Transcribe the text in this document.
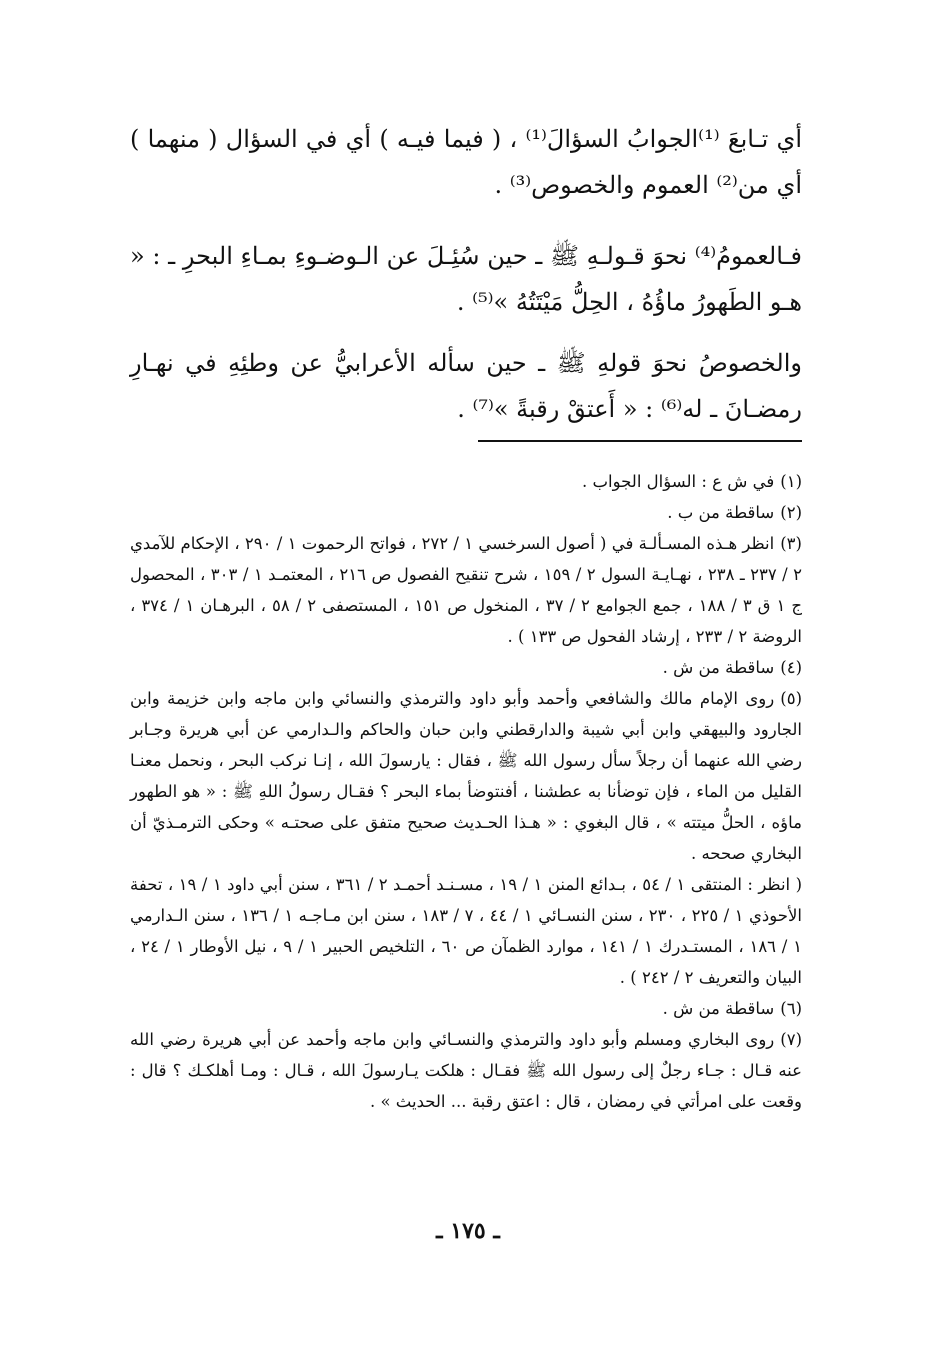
أي تـابعَ ⁽¹⁾الجوابُ السؤالَ⁽¹⁾ ، ( فيما فيـه ) أي في السؤال ( منهما ) أي من⁽²⁾ العموم والخصوص⁽³⁾ .

فـالعمومُ⁽⁴⁾ نحوَ قـولـهِ ﷺ ـ حين سُئِـلَ عن الـوضـوءِ بمـاءِ البحرِ ـ : « هـو الطَهورُ ماؤُهُ ، الحِلُّ مَيْتَتُهُ »⁽⁵⁾ .

والخصوصُ نحوَ قولهِ ﷺ ـ حين سأله الأعرابيُّ عن وطئِهِ في نهـارِ رمضـانَ ـ له⁽⁶⁾ : « أَعتقْ رقبةً »⁽⁷⁾ .

(١)في ش ع : السؤال الجواب .

(٢)ساقطة من ب .

(٣)انظر هـذه المسـألـة في ( أصول السرخسي ١ / ٢٧٢ ، فواتح الرحموت ١ / ٢٩٠ ، الإحكام للآمدي ٢ / ٢٣٧ ـ ٢٣٨ ، نهـايـة السول ٢ / ١٥٩ ، شرح تنقيح الفصول ص ٢١٦ ، المعتمـد ١ / ٣٠٣ ، المحصول ج ١ ق ٣ / ١٨٨ ، جمع الجوامع ٢ / ٣٧ ، المنخول ص ١٥١ ، المستصفى ٢ / ٥٨ ، البرهـان ١ / ٣٧٤ ، الروضة ٢ / ٢٣٣ ، إرشاد الفحول ص ١٣٣ ) .

(٤)ساقطة من ش .

(٥)روى الإمام مالك والشافعي وأحمد وأبو داود والترمذي والنسائي وابن ماجه وابن خزيمة وابن الجارود والبيهقي وابن أبي شيبة والدارقطني وابن حبان والحاكم والـدارمي عن أبي هريرة وجـابر رضي الله عنهما أن رجلاً سأل رسول الله ﷺ ، فقال : يارسولَ الله ، إنـا نركب البحر ، ونحمل معنـا القليل من الماء ، فإن توضأنا به عطشنا ، أفنتوضأ بماء البحر ؟ فقـال رسولُ اللهِ ﷺ : « هو الطهور ماؤه ، الحلُّ ميتته » ، قال البغوي : « هـذا الحـديث صحيح متفق على صحتـه » وحكى الترمـذيّ أن البخاري صححه .

( انظر : المنتقى ١ / ٥٤ ، بـدائع المنن ١ / ١٩ ، مسـنـد أحمـد ٢ / ٣٦١ ، سنن أبي داود ١ / ١٩ ، تحفة الأحوذي ١ / ٢٢٥ ، ٢٣٠ ، سنن النسـائي ١ / ٤٤ ، ٧ / ١٨٣ ، سنن ابن مـاجـه ١ / ١٣٦ ، سنن الـدارمي ١ / ١٨٦ ، المستـدرك ١ / ١٤١ ، موارد الظمآن ص ٦٠ ، التلخيص الحبير ١ / ٩ ، نيل الأوطار ١ / ٢٤ ، البيان والتعريف ٢ / ٢٤٢ ) .

(٦)ساقطة من ش .

(٧)روى البخاري ومسلم وأبو داود والترمذي والنسـائي وابن ماجه وأحمد عن أبي هريرة رضي الله عنه قـال : جـاء رجلٌ إلى رسول الله ﷺ فقـال : هلكت يـارسولَ الله ، قـال : ومـا أهلكـك ؟ قال : وقعت على امرأتي في رمضان ، قال : اعتق رقبة ... الحديث » .

ـ ١٧٥ ـ
